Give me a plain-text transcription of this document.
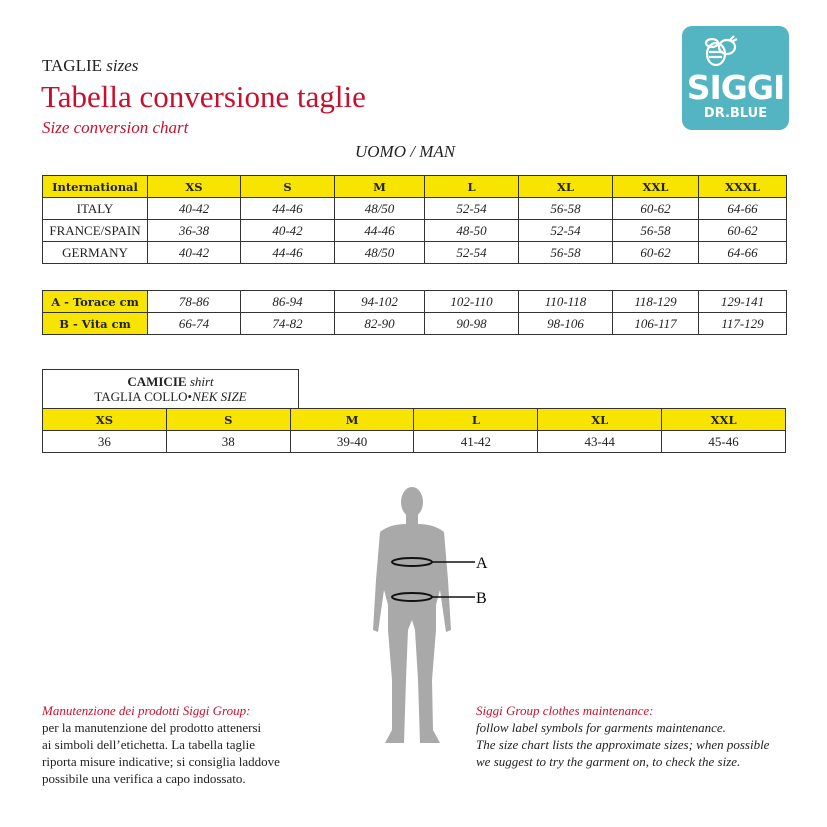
TAGLIE sizes
Tabella conversione taglie
Size conversion chart
UOMO / MAN
SIGGI
DR.BLUE
International	XS	S	M	L	XL	XXL	XXXL
ITALY	40-42	44-46	48/50	52-54	56-58	60-62	64-66
FRANCE/SPAIN	36-38	40-42	44-46	48-50	52-54	56-58	60-62
GERMANY	40-42	44-46	48/50	52-54	56-58	60-62	64-66
A - Torace cm	78-86	86-94	94-102	102-110	110-118	118-129	129-141
B - Vita cm	66-74	74-82	82-90	90-98	98-106	106-117	117-129
CAMICIE shirt
TAGLIA COLLO•NEK SIZE
XS	S	M	L	XL	XXL
36	38	39-40	41-42	43-44	45-46
A
B
Manutenzione dei prodotti Siggi Group:
per la manutenzione del prodotto attenersi
ai simboli dell’etichetta. La tabella taglie
riporta misure indicative; si consiglia laddove
possibile una verifica a capo indossato.
Siggi Group clothes maintenance:
follow label symbols for garments maintenance.
The size chart lists the approximate sizes; when possible
we suggest to try the garment on, to check the size.
